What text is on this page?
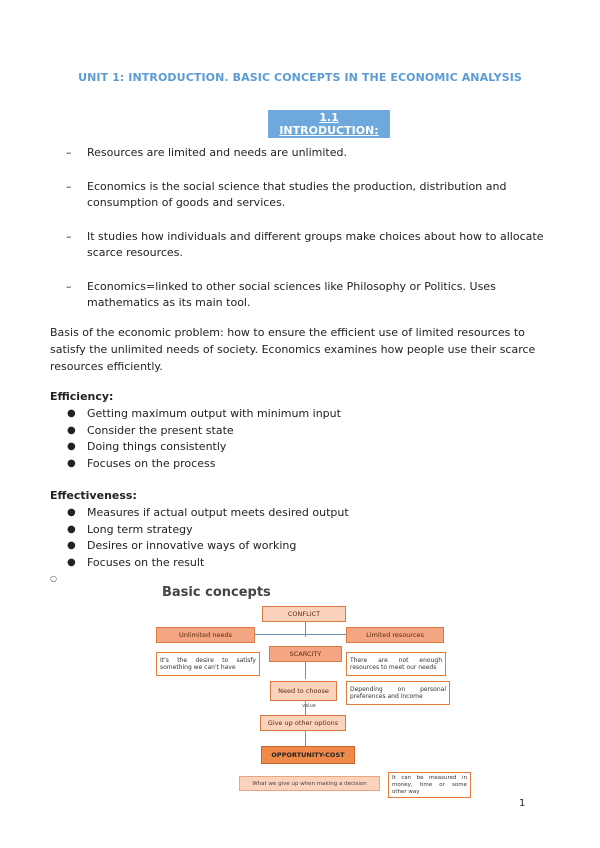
UNIT 1: INTRODUCTION. BASIC CONCEPTS IN THE ECONOMIC ANALYSIS
1.1 INTRODUCTION:
– Resources are limited and needs are unlimited.
– Economics is the social science that studies the production, distribution and consumption of goods and services.
– It studies how individuals and different groups make choices about how to allocate scarce resources.
– Economics=linked to other social sciences like Philosophy or Politics. Uses mathematics as its main tool.
Basis of the economic problem: how to ensure the efficient use of limited resources to satisfy the unlimited needs of society. Economics examines how people use their scarce resources efficiently.
Efficiency:
● Getting maximum output with minimum input
● Consider the present state
● Doing things consistently
● Focuses on the process
Effectiveness:
● Measures if actual output meets desired output
● Long term strategy
● Desires or innovative ways of working
● Focuses on the result
○
Basic concepts
CONFLICT
Unlimited needs	Limited resources
It's the desire to satisfy something we can't have
SCARCITY
There are not enough resources to meet our needs
Need to choose
value
Depending on personal preferences and income
Give up other options
OPPORTUNITY-COST
What we give up when making a decision
It can be measured in money, time or some other way
1
